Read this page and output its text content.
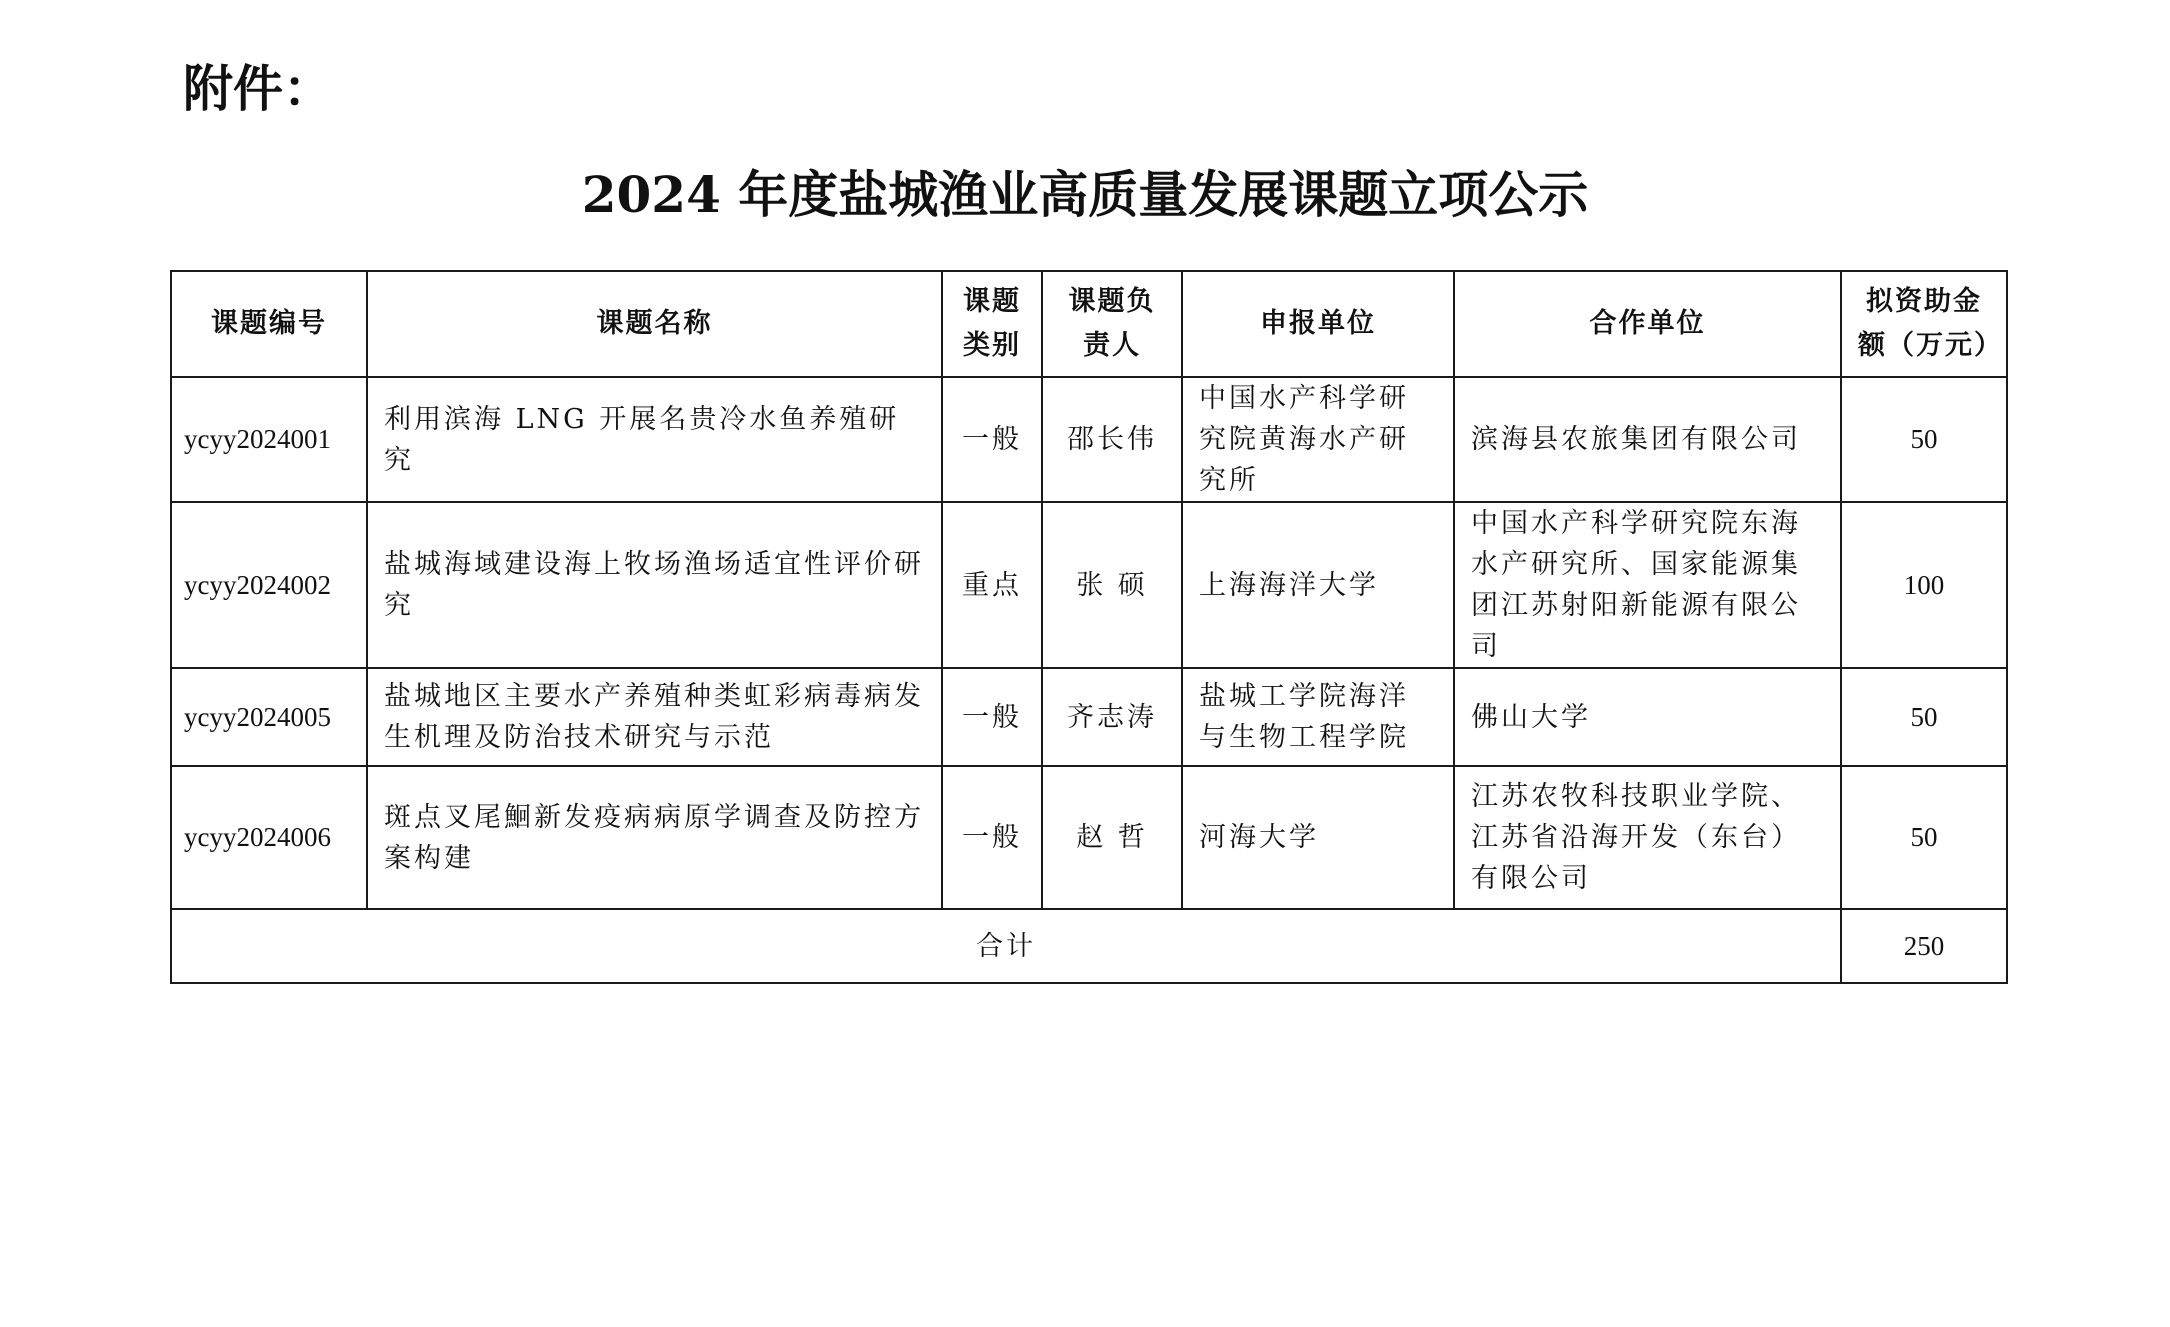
附件：
2024 年度盐城渔业高质量发展课题立项公示
课题编号	课题名称	课题类别	课题负责人	申报单位	合作单位	拟资助金额（万元）
ycyy2024001	利用滨海 LNG 开展名贵冷水鱼养殖研究	一般	邵长伟	中国水产科学研究院黄海水产研究所	滨海县农旅集团有限公司	50
ycyy2024002	盐城海域建设海上牧场渔场适宜性评价研究	重点	张 硕	上海海洋大学	中国水产科学研究院东海水产研究所、国家能源集团江苏射阳新能源有限公司	100
ycyy2024005	盐城地区主要水产养殖种类虹彩病毒病发生机理及防治技术研究与示范	一般	齐志涛	盐城工学院海洋与生物工程学院	佛山大学	50
ycyy2024006	斑点叉尾鮰新发疫病病原学调查及防控方案构建	一般	赵 哲	河海大学	江苏农牧科技职业学院、江苏省沿海开发（东台）有限公司	50
合计						250
